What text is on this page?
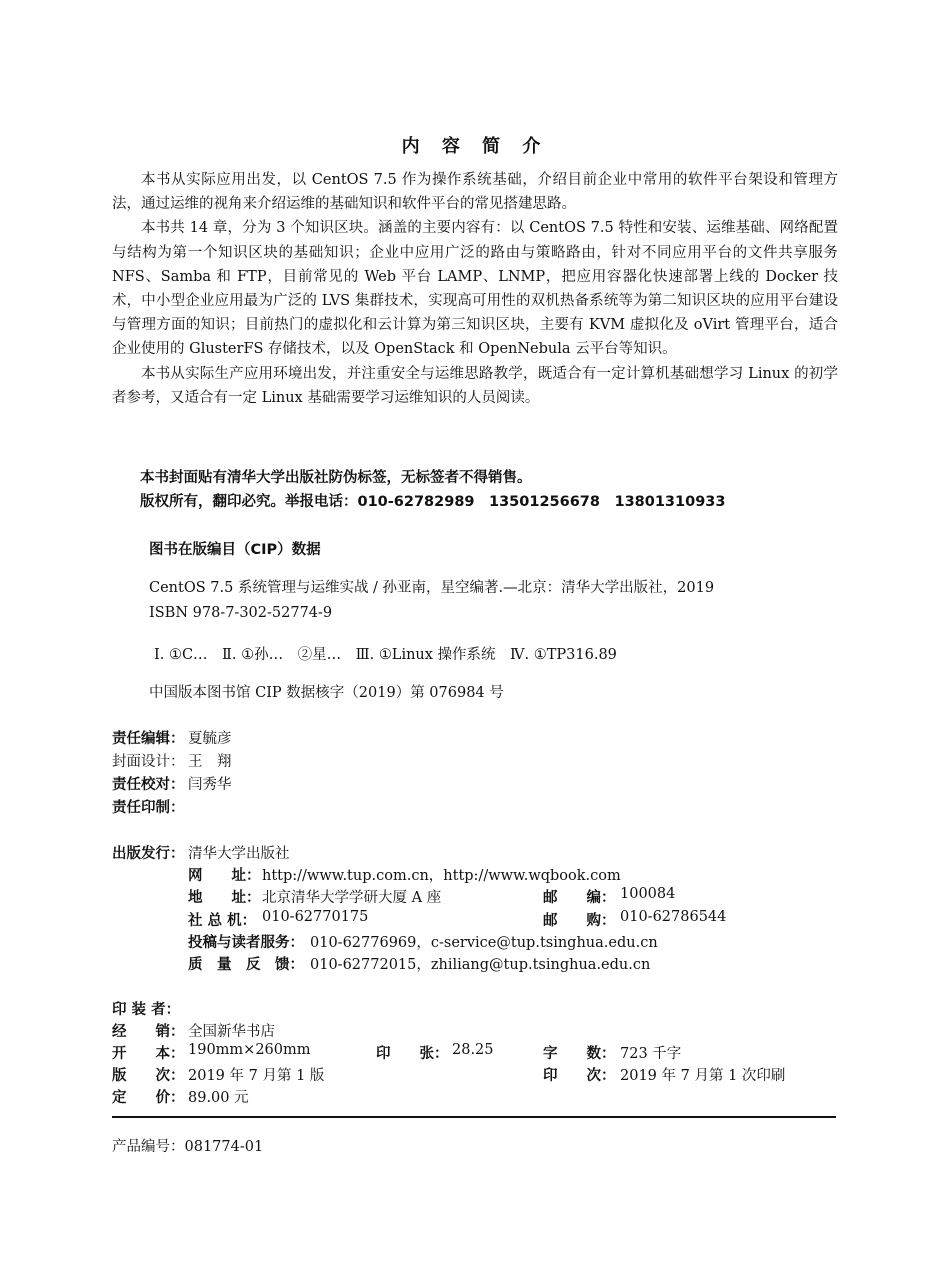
内 容 简 介

本书从实际应用出发，以 CentOS 7.5 作为操作系统基础，介绍目前企业中常用的软件平台架设和管理方法，通过运维的视角来介绍运维的基础知识和软件平台的常见搭建思路。

本书共 14 章，分为 3 个知识区块。涵盖的主要内容有：以 CentOS 7.5 特性和安装、运维基础、网络配置与结构为第一个知识区块的基础知识；企业中应用广泛的路由与策略路由，针对不同应用平台的文件共享服务 NFS、Samba 和 FTP，目前常见的 Web 平台 LAMP、LNMP，把应用容器化快速部署上线的 Docker 技术，中小型企业应用最为广泛的 LVS 集群技术，实现高可用性的双机热备系统等为第二知识区块的应用平台建设与管理方面的知识；目前热门的虚拟化和云计算为第三知识区块，主要有 KVM 虚拟化及 oVirt 管理平台，适合企业使用的 GlusterFS 存储技术，以及 OpenStack 和 OpenNebula 云平台等知识。

本书从实际生产应用环境出发，并注重安全与运维思路教学，既适合有一定计算机基础想学习 Linux 的初学者参考，又适合有一定 Linux 基础需要学习运维知识的人员阅读。

本书封面贴有清华大学出版社防伪标签，无标签者不得销售。
版权所有，翻印必究。举报电话：010-62782989　13501256678　13801310933
图书在版编目（CIP）数据
CentOS 7.5 系统管理与运维实战 / 孙亚南，星空编著.—北京：清华大学出版社，2019
ISBN 978-7-302-52774-9
Ⅰ. ①C…　Ⅱ. ①孙…　②星…　Ⅲ. ①Linux 操作系统　Ⅳ. ①TP316.89
中国版本图书馆 CIP 数据核字（2019）第 076984 号
责任编辑： 夏毓彦
封面设计： 王　翔
责任校对： 闫秀华
责任印制：
出版发行： 清华大学出版社
网　　址： http://www.tup.com.cn，http://www.wqbook.com
地　　址： 北京清华大学学研大厦 A 座	邮　　编： 100084
社 总 机： 010-62770175	邮　　购： 010-62786544
投稿与读者服务： 010-62776969，c-service@tup.tsinghua.edu.cn
质　量　反　馈： 010-62772015，zhiliang@tup.tsinghua.edu.cn
印 装 者：
经　　销： 全国新华书店
开　　本： 190mm×260mm	印　　张： 28.25	字　　数： 723 千字
版　　次： 2019 年 7 月第 1 版	印　　次： 2019 年 7 月第 1 次印刷
定　　价： 89.00 元
产品编号：081774-01
